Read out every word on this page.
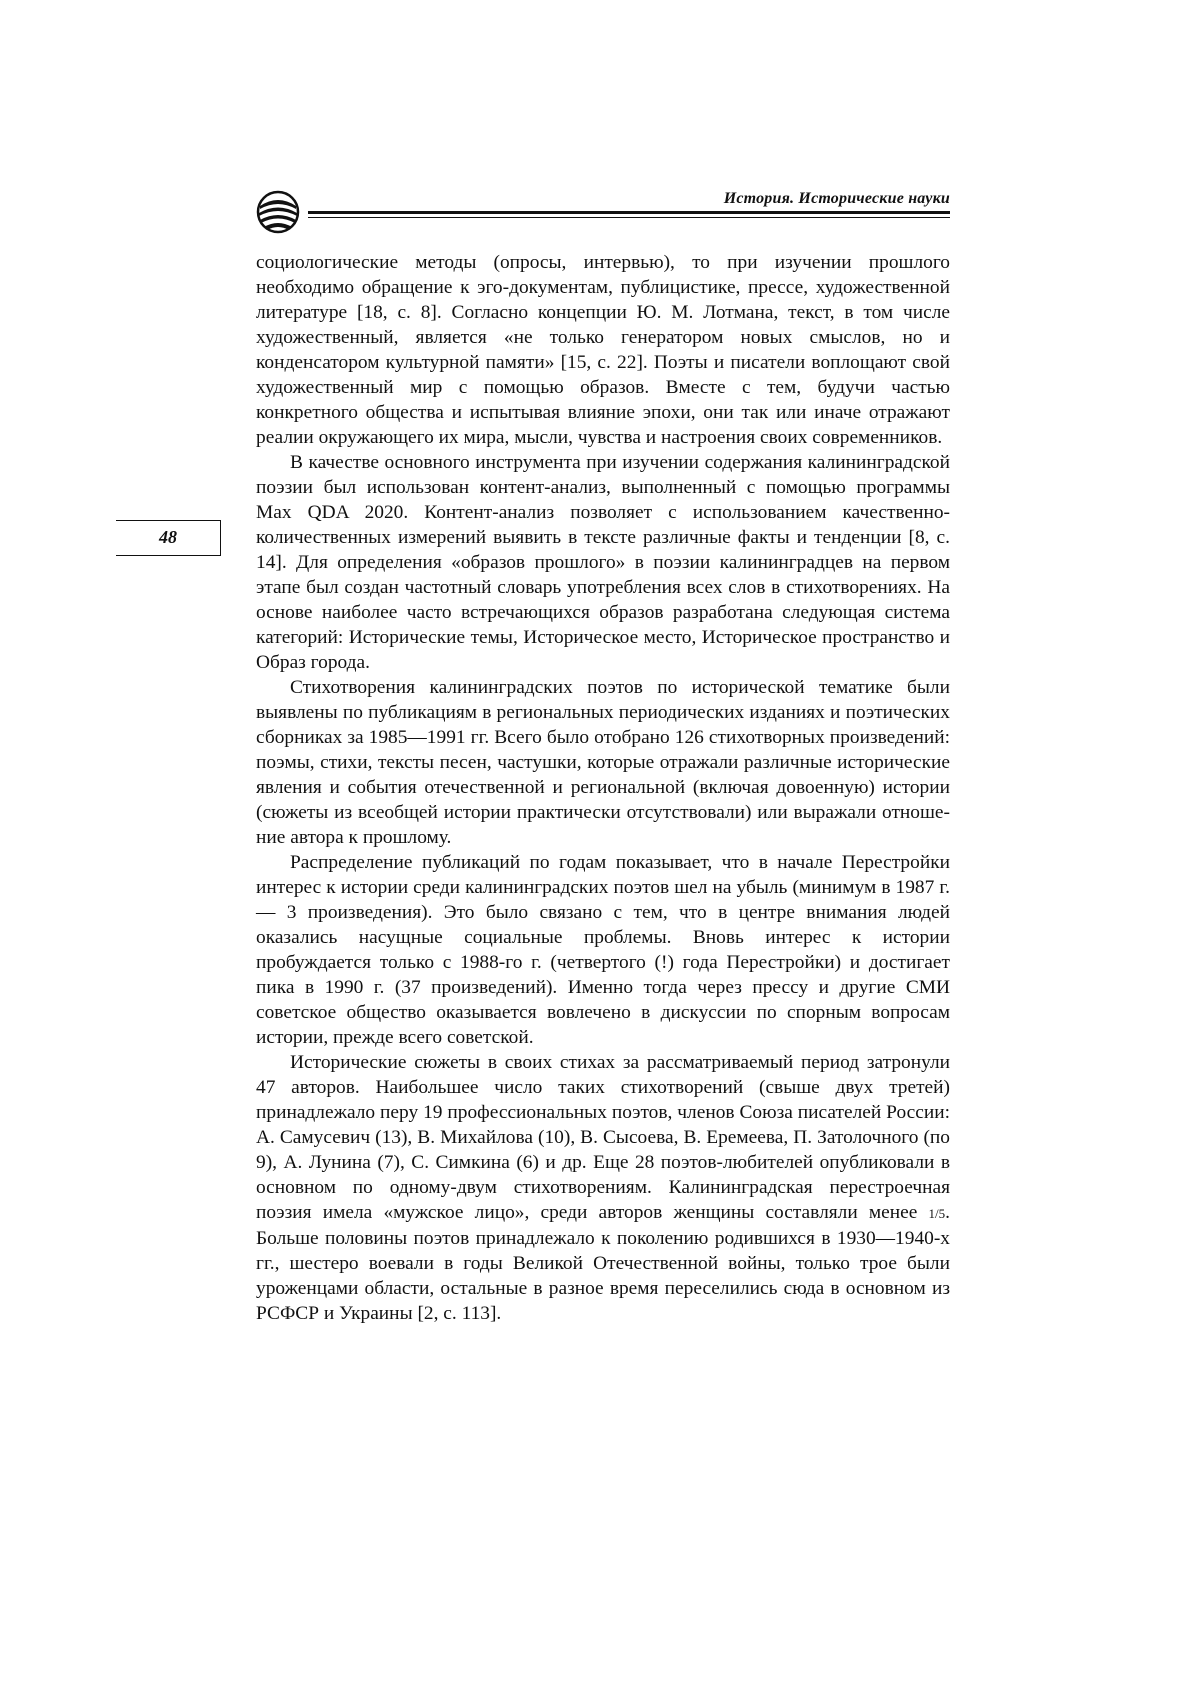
История. Исторические науки
48

социологические методы (опросы, интервью), то при изучении прошлого необходимо обращение к эго-документам, публицистике, прессе, художественной литературе [18, с. 8]. Согласно концепции Ю. М. Лотмана, текст, в том числе художественный, является «не только генератором новых смыслов, но и конденсатором культурной памяти» [15, с. 22]. Поэты и писатели воплощают свой художественный мир с помощью образов. Вместе с тем, будучи частью конкретного общества и испытывая влияние эпохи, они так или иначе отражают реалии окружающего их мира, мысли, чувства и настроения своих современников.

В качестве основного инструмента при изучении содержания калининградской поэзии был использован контент-анализ, выполненный с помощью программы Max QDA 2020. Контент-анализ позволяет с использованием качественно-количественных измерений выявить в тексте различные факты и тенденции [8, с. 14]. Для определения «образов прошлого» в поэзии калининградцев на первом этапе был создан частотный словарь употребления всех слов в стихотворениях. На основе наиболее часто встречающихся образов разработана следующая система категорий: Исторические темы, Историческое место, Историческое пространство и Образ города.

Стихотворения калининградских поэтов по исторической тематике были выявлены по публикациям в региональных периодических изданиях и поэтических сборниках за 1985—1991 гг. Всего было отобрано 126 стихотворных произведений: поэмы, стихи, тексты песен, частушки, которые отражали различные исторические явления и события отечественной и региональной (включая довоенную) истории (сюжеты из всеобщей истории практически отсутствовали) или выражали отношение автора к прошлому.

Распределение публикаций по годам показывает, что в начале Перестройки интерес к истории среди калининградских поэтов шел на убыль (минимум в 1987 г. — 3 произведения). Это было связано с тем, что в центре внимания людей оказались насущные социальные проблемы. Вновь интерес к истории пробуждается только с 1988-го г. (четвертого (!) года Перестройки) и достигает пика в 1990 г. (37 произведений). Именно тогда через прессу и другие СМИ советское общество оказывается вовлечено в дискуссии по спорным вопросам истории, прежде всего советской.

Исторические сюжеты в своих стихах за рассматриваемый период затронули 47 авторов. Наибольшее число таких стихотворений (свыше двух третей) принадлежало перу 19 профессиональных поэтов, членов Союза писателей России: А. Самусевич (13), В. Михайлова (10), В. Сысоева, В. Еремеева, П. Затолочного (по 9), А. Лунина (7), С. Симкина (6) и др. Еще 28 поэтов-любителей опубликовали в основном по одному-двум стихотворениям. Калининградская перестроечная поэзия имела «мужское лицо», среди авторов женщины составляли менее 1/5. Больше половины поэтов принадлежало к поколению родившихся в 1930—1940-х гг., шестеро воевали в годы Великой Отечественной войны, только трое были уроженцами области, остальные в разное время переселились сюда в основном из РСФСР и Украины [2, с. 113].
